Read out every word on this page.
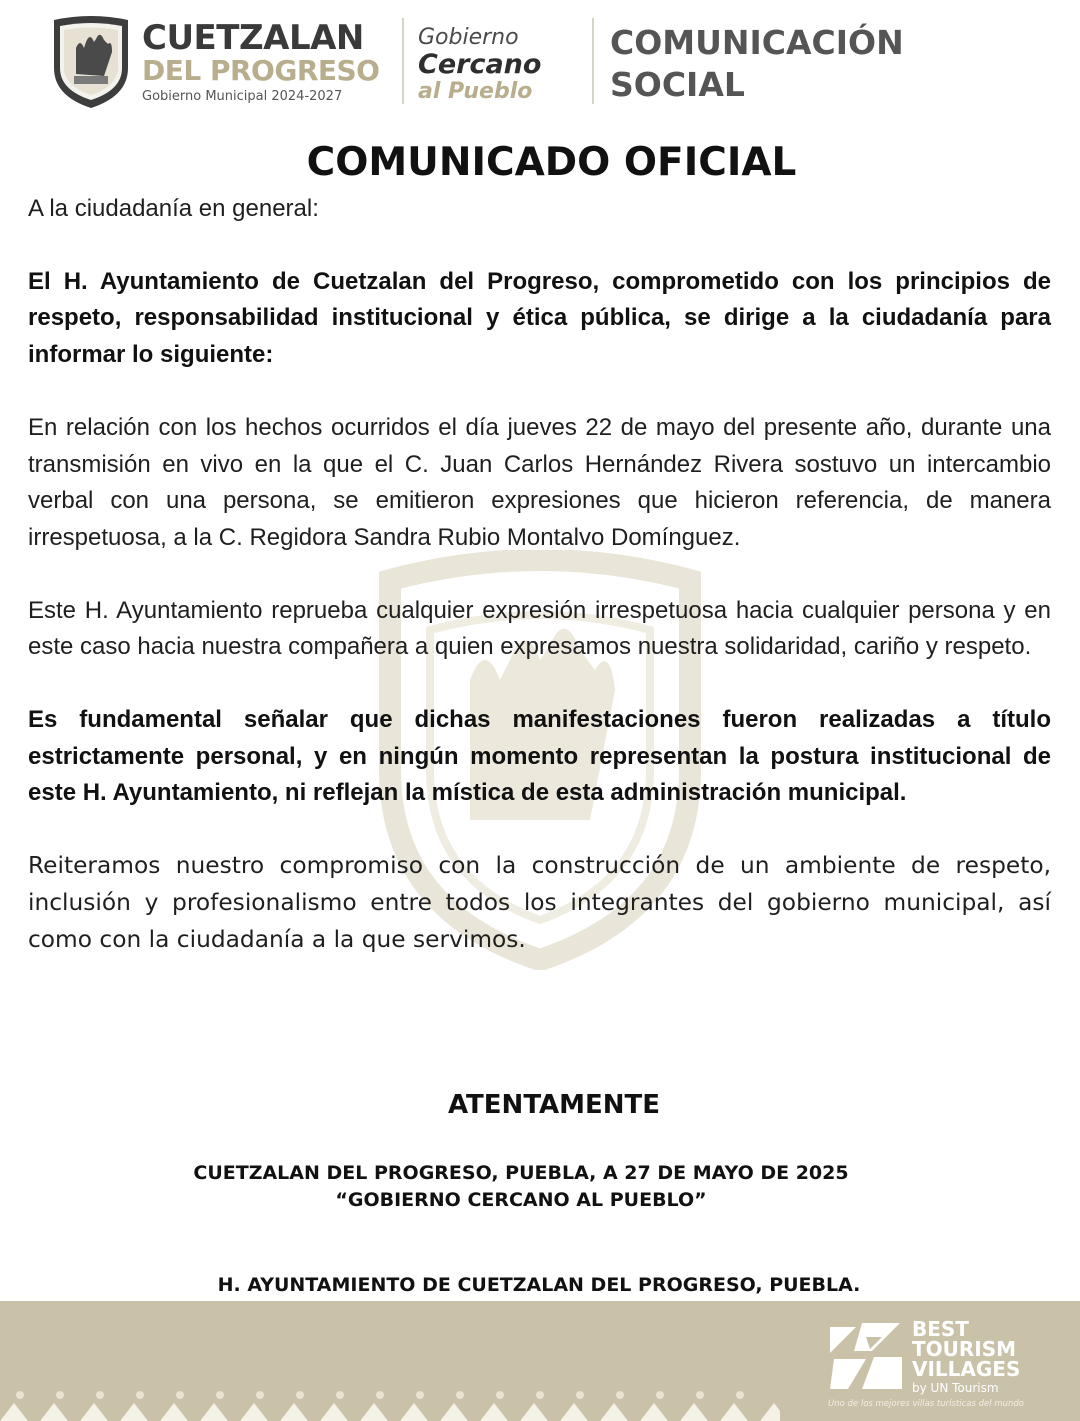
CUETZALAN
DEL PROGRESO
Gobierno Municipal 2024-2027
Gobierno
Cercano
al Pueblo
COMUNICACIÓN
SOCIAL
COMUNICADO OFICIAL

A la ciudadanía en general:

El H. Ayuntamiento de Cuetzalan del Progreso, comprometido con los principios de respeto, responsabilidad institucional y ética pública, se dirige a la ciudadanía para informar lo siguiente:

En relación con los hechos ocurridos el día jueves 22 de mayo del presente año, durante una transmisión en vivo en la que el C. Juan Carlos Hernández Rivera sostuvo un intercambio verbal con una persona, se emitieron expresiones que hicieron referencia, de manera irrespetuosa, a la C. Regidora Sandra Rubio Montalvo Domínguez.

Este H. Ayuntamiento reprueba cualquier expresión irrespetuosa hacia cualquier persona y en este caso hacia nuestra compañera a quien expresamos nuestra solidaridad, cariño y respeto.

Es fundamental señalar que dichas manifestaciones fueron realizadas a título estrictamente personal, y en ningún momento representan la postura institucional de este H. Ayuntamiento, ni reflejan la mística de esta administración municipal.

Reiteramos nuestro compromiso con la construcción de un ambiente de respeto, inclusión y profesionalismo entre todos los integrantes del gobierno municipal, así como con la ciudadanía a la que servimos.

ATENTAMENTE
CUETZALAN DEL PROGRESO, PUEBLA, A 27 DE MAYO DE 2025
“GOBIERNO CERCANO AL PUEBLO”
H. AYUNTAMIENTO DE CUETZALAN DEL PROGRESO, PUEBLA.
BEST
TOURISM
VILLAGES
by UN Tourism
Uno de los mejores villas turísticas del mundo
